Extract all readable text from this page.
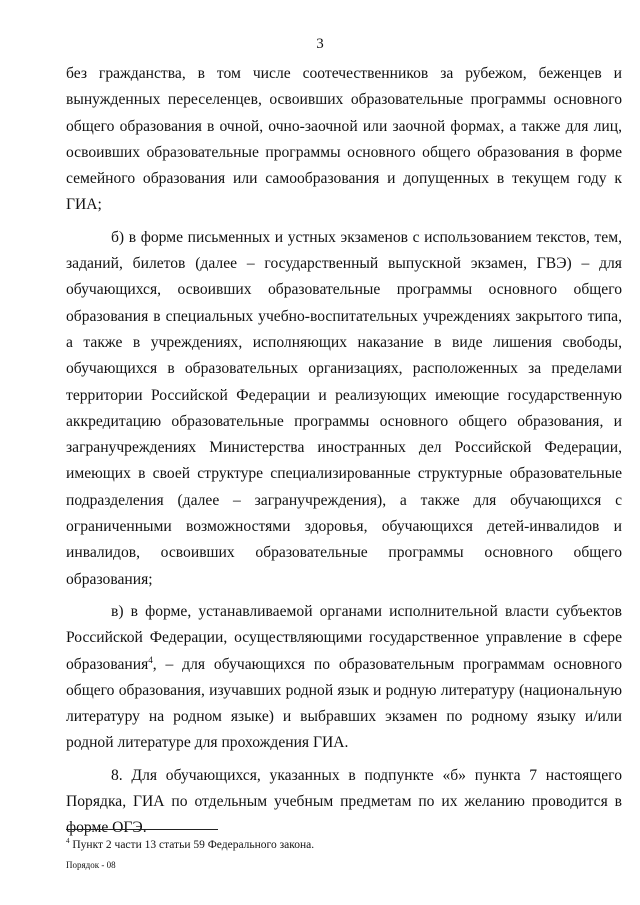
3

без гражданства, в том числе соотечественников за рубежом, беженцев и вынужденных переселенцев, освоивших образовательные программы основного общего образования в очной, очно-заочной или заочной формах, а также для лиц, освоивших образовательные программы основного общего образования в форме семейного образования или самообразования и допущенных в текущем году к ГИА;

б) в форме письменных и устных экзаменов с использованием текстов, тем, заданий, билетов (далее – государственный выпускной экзамен, ГВЭ) – для обучающихся, освоивших образовательные программы основного общего образования в специальных учебно-воспитательных учреждениях закрытого типа, а также в учреждениях, исполняющих наказание в виде лишения свободы, обучающихся в образовательных организациях, расположенных за пределами территории Российской Федерации и реализующих имеющие государственную аккредитацию образовательные программы основного общего образования, и загранучреждениях Министерства иностранных дел Российской Федерации, имеющих в своей структуре специализированные структурные образовательные подразделения (далее – загранучреждения), а также для обучающихся с ограниченными возможностями здоровья, обучающихся детей-инвалидов и инвалидов, освоивших образовательные программы основного общего образования;

в) в форме, устанавливаемой органами исполнительной власти субъектов Российской Федерации, осуществляющими государственное управление в сфере образования$^4$, – для обучающихся по образовательным программам основного общего образования, изучавших родной язык и родную литературу (национальную литературу на родном языке) и выбравших экзамен по родному языку и/или родной литературе для прохождения ГИА.

8. Для обучающихся, указанных в подпункте «б» пункта 7 настоящего Порядка, ГИА по отдельным учебным предметам по их желанию проводится в форме ОГЭ.

$^4$ Пункт 2 части 13 статьи 59 Федерального закона.
Порядок - 08
